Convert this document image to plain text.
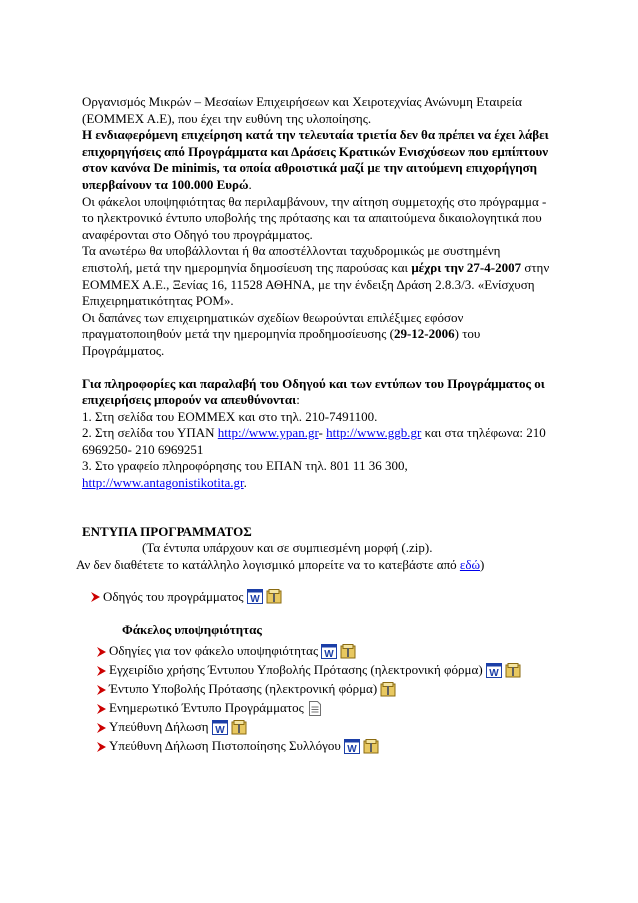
Οργανισμός Μικρών – Μεσαίων Επιχειρήσεων και Χειροτεχνίας Ανώνυμη Εταιρεία
(ΕΟΜΜΕΧ Α.Ε), που έχει την ευθύνη της υλοποίησης.

Η ενδιαφερόμενη επιχείρηση κατά την τελευταία τριετία δεν θα πρέπει να έχει λάβει επιχορηγήσεις από Προγράμματα και Δράσεις Κρατικών Ενισχύσεων που εμπίπτουν στον κανόνα De minimis, τα οποία αθροιστικά μαζί με την αιτούμενη επιχορήγηση υπερβαίνουν τα 100.000 Ευρώ.

Οι φάκελοι υποψηφιότητας θα περιλαμβάνουν, την αίτηση συμμετοχής στο πρόγραμμα - το ηλεκτρονικό έντυπο υποβολής της πρότασης και τα απαιτούμενα δικαιολογητικά που αναφέρονται στο Οδηγό του προγράμματος.

Τα ανωτέρω θα υποβάλλονται ή θα αποστέλλονται ταχυδρομικώς με συστημένη επιστολή, μετά την ημερομηνία δημοσίευση της παρούσας και μέχρι την 27-4-2007 στην ΕΟΜΜΕΧ Α.Ε., Ξενίας 16, 11528 ΑΘΗΝΑ, με την ένδειξη Δράση 2.8.3/3. «Ενίσχυση Επιχειρηματικότητας ΡΟΜ».

Οι δαπάνες των επιχειρηματικών σχεδίων θεωρούνται επιλέξιμες εφόσον πραγματοποιηθούν μετά την ημερομηνία προδημοσίευσης (29-12-2006) του Προγράμματος.

Για πληροφορίες και παραλαβή του Οδηγού και των εντύπων του Προγράμματος οι επιχειρήσεις μπορούν να απευθύνονται:

1. Στη σελίδα του ΕΟΜΜΕΧ και στο τηλ. 210-7491100.

2. Στη σελίδα του ΥΠΑΝ http://www.ypan.gr- http://www.ggb.gr και στα τηλέφωνα: 210 6969250- 210 6969251

3. Στο γραφείο πληροφόρησης του ΕΠΑΝ τηλ. 801 11 36 300, http://www.antagonistikotita.gr.

ΕΝΤΥΠΑ ΠΡΟΓΡΑΜΜΑΤΟΣ

(Τα έντυπα υπάρχουν και σε συμπιεσμένη μορφή (.zip).

Αν δεν διαθέτετε το κατάλληλο λογισμικό μπορείτε να το κατεβάστε από εδώ)

Οδηγός του προγράμματος W

Φάκελος υποψηφιότητας

Οδηγίες για τον φάκελο υποψηφιότητας W
Εγχειρίδιο χρήσης Έντυπου Υποβολής Πρότασης (ηλεκτρονική φόρμα) W
Έντυπο Υποβολής Πρότασης (ηλεκτρονική φόρμα)
Ενημερωτικό Έντυπο Προγράμματος
Υπεύθυνη Δήλωση W
Υπεύθυνη Δήλωση Πιστοποίησης Συλλόγου W
